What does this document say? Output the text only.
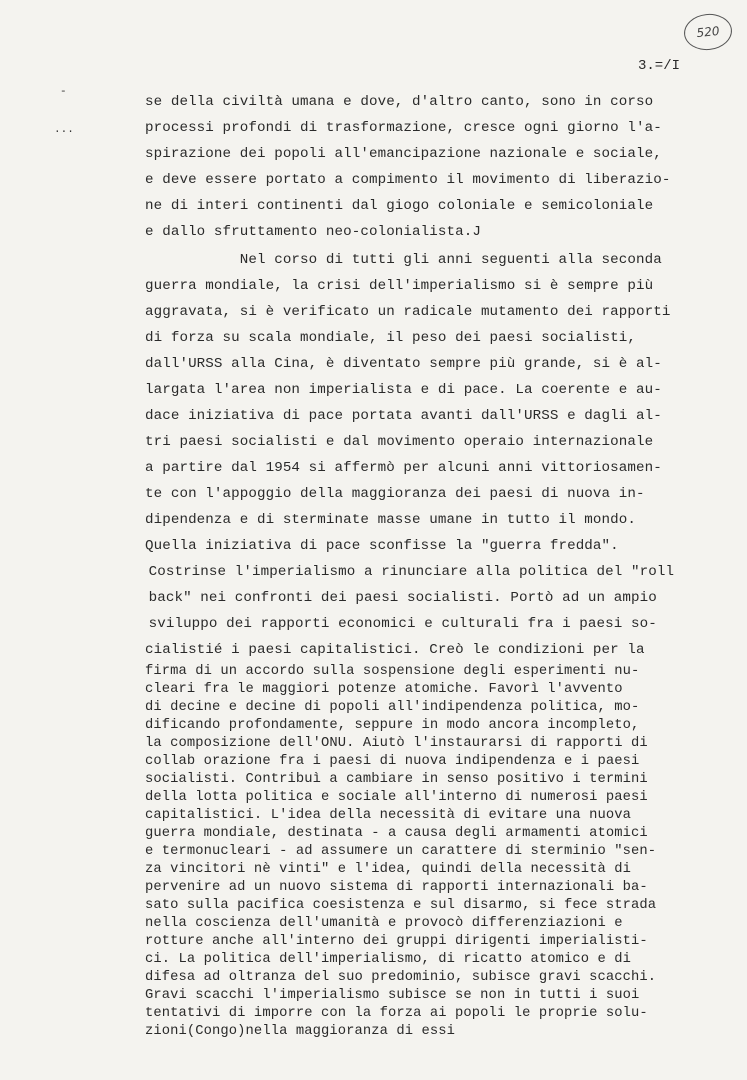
520
3.=/I
-
...
se della civiltà umana e dove, d'altro canto, sono in corso
processi profondi di trasformazione, cresce ogni giorno l'a-
spirazione dei popoli all'emancipazione nazionale e sociale,
e deve essere portato a compimento il movimento di liberazio-
ne di interi continenti dal giogo coloniale e semicoloniale
e dallo sfruttamento neo-colonialista.J
Nel corso di tutti gli anni seguenti alla seconda
guerra mondiale, la crisi dell'imperialismo si è sempre più
aggravata, si è verificato un radicale mutamento dei rapporti
di forza su scala mondiale, il peso dei paesi socialisti,
dall'URSS alla Cina, è diventato sempre più grande, si è al-
largata l'area non imperialista e di pace. La coerente e au-
dace iniziativa di pace portata avanti dall'URSS e dagli al-
tri paesi socialisti e dal movimento operaio internazionale
a partire dal 1954 si affermò per alcuni anni vittoriosamen-
te con l'appoggio della maggioranza dei paesi di nuova in-
dipendenza e di sterminate masse umane in tutto il mondo.
Quella iniziativa di pace sconfisse la "guerra fredda".
Costrinse l'imperialismo a rinunciare alla politica del "roll
back" nei confronti dei paesi socialisti. Portò ad un ampio
sviluppo dei rapporti economici e culturali fra i paesi so-
cialistié i paesi capitalistici. Creò le condizioni per la
firma di un accordo sulla sospensione degli esperimenti nu-
cleari fra le maggiori potenze atomiche. Favorì l'avvento
di decine e decine di popoli all'indipendenza politica, mo-
dificando profondamente, seppure in modo ancora incompleto,
la composizione dell'ONU. Aiutò l'instaurarsi di rapporti di
collab orazione fra i paesi di nuova indipendenza e i paesi
socialisti. Contribuì a cambiare in senso positivo i termini
della lotta politica e sociale all'interno di numerosi paesi
capitalistici. L'idea della necessità di evitare una nuova
guerra mondiale, destinata - a causa degli armamenti atomici
e termonucleari - ad assumere un carattere di sterminio "sen-
za vincitori nè vinti" e l'idea, quindi della necessità di
pervenire ad un nuovo sistema di rapporti internazionali ba-
sato sulla pacifica coesistenza e sul disarmo, si fece strada
nella coscienza dell'umanità e provocò differenziazioni e
rotture anche all'interno dei gruppi dirigenti imperialisti-
ci. La politica dell'imperialismo, di ricatto atomico e di
difesa ad oltranza del suo predominio, subisce gravi scacchi.
Gravi scacchi l'imperialismo subisce se non in tutti i suoi
tentativi di imporre con la forza ai popoli le proprie solu-
zioni(Congo)nella maggioranza di essi
